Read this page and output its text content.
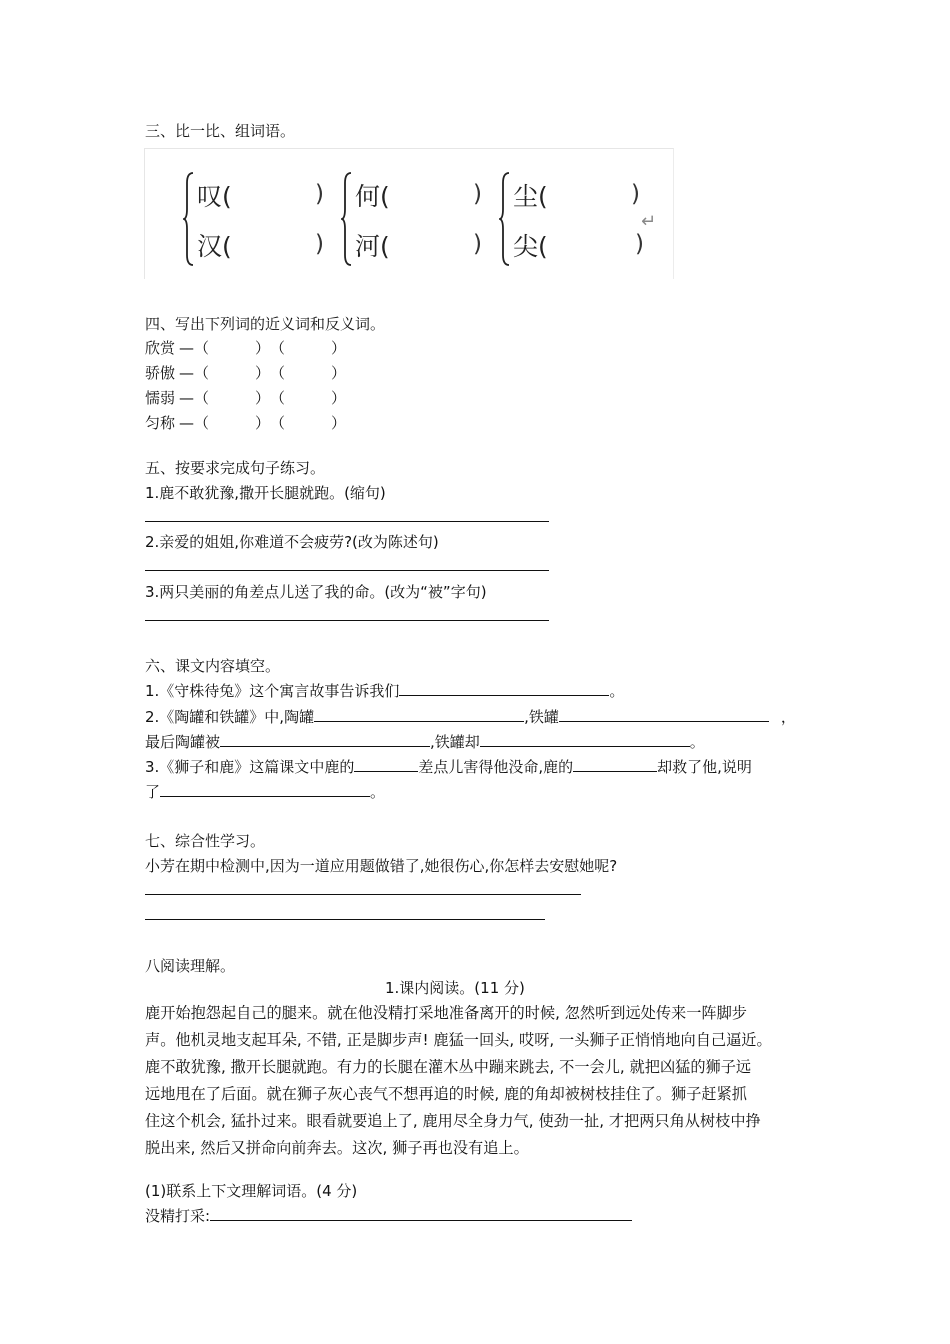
三、比一比、组词语。
叹(	)
汉(	)
何(	)
河(	)
尘(	)
尖(	)
↵
四、写出下列词的近义词和反义词。
欣赏 —（	）（	）
骄傲 —（	）（	）
懦弱 —（	）（	）
匀称 —（	）（	）
五、按要求完成句子练习。
1.鹿不敢犹豫,撒开长腿就跑。(缩句)
2.亲爱的姐姐,你难道不会疲劳?(改为陈述句)
3.两只美丽的角差点儿送了我的命。(改为“被”字句)
六、课文内容填空。
1.《守株待兔》这个寓言故事告诉我们	。
2.《陶罐和铁罐》中,陶罐	,铁罐	，
最后陶罐被	,铁罐却	。
3.《狮子和鹿》这篇课文中鹿的	差点儿害得他没命,鹿的	却救了他,说明
了	。
七、综合性学习。
小芳在期中检测中,因为一道应用题做错了,她很伤心,你怎样去安慰她呢?
八阅读理解。
1.课内阅读。(11 分)
鹿开始抱怨起自己的腿来。就在他没精打采地准备离开的时候, 忽然听到远处传来一阵脚步
声。他机灵地支起耳朵, 不错, 正是脚步声! 鹿猛一回头, 哎呀, 一头狮子正悄悄地向自己逼近。
鹿不敢犹豫, 撒开长腿就跑。有力的长腿在灌木丛中蹦来跳去, 不一会儿, 就把凶猛的狮子远
远地甩在了后面。就在狮子灰心丧气不想再追的时候, 鹿的角却被树枝挂住了。狮子赶紧抓
住这个机会, 猛扑过来。眼看就要追上了, 鹿用尽全身力气, 使劲一扯, 才把两只角从树枝中挣
脱出来, 然后又拼命向前奔去。这次, 狮子再也没有追上。
(1)联系上下文理解词语。(4 分)
没精打采:
